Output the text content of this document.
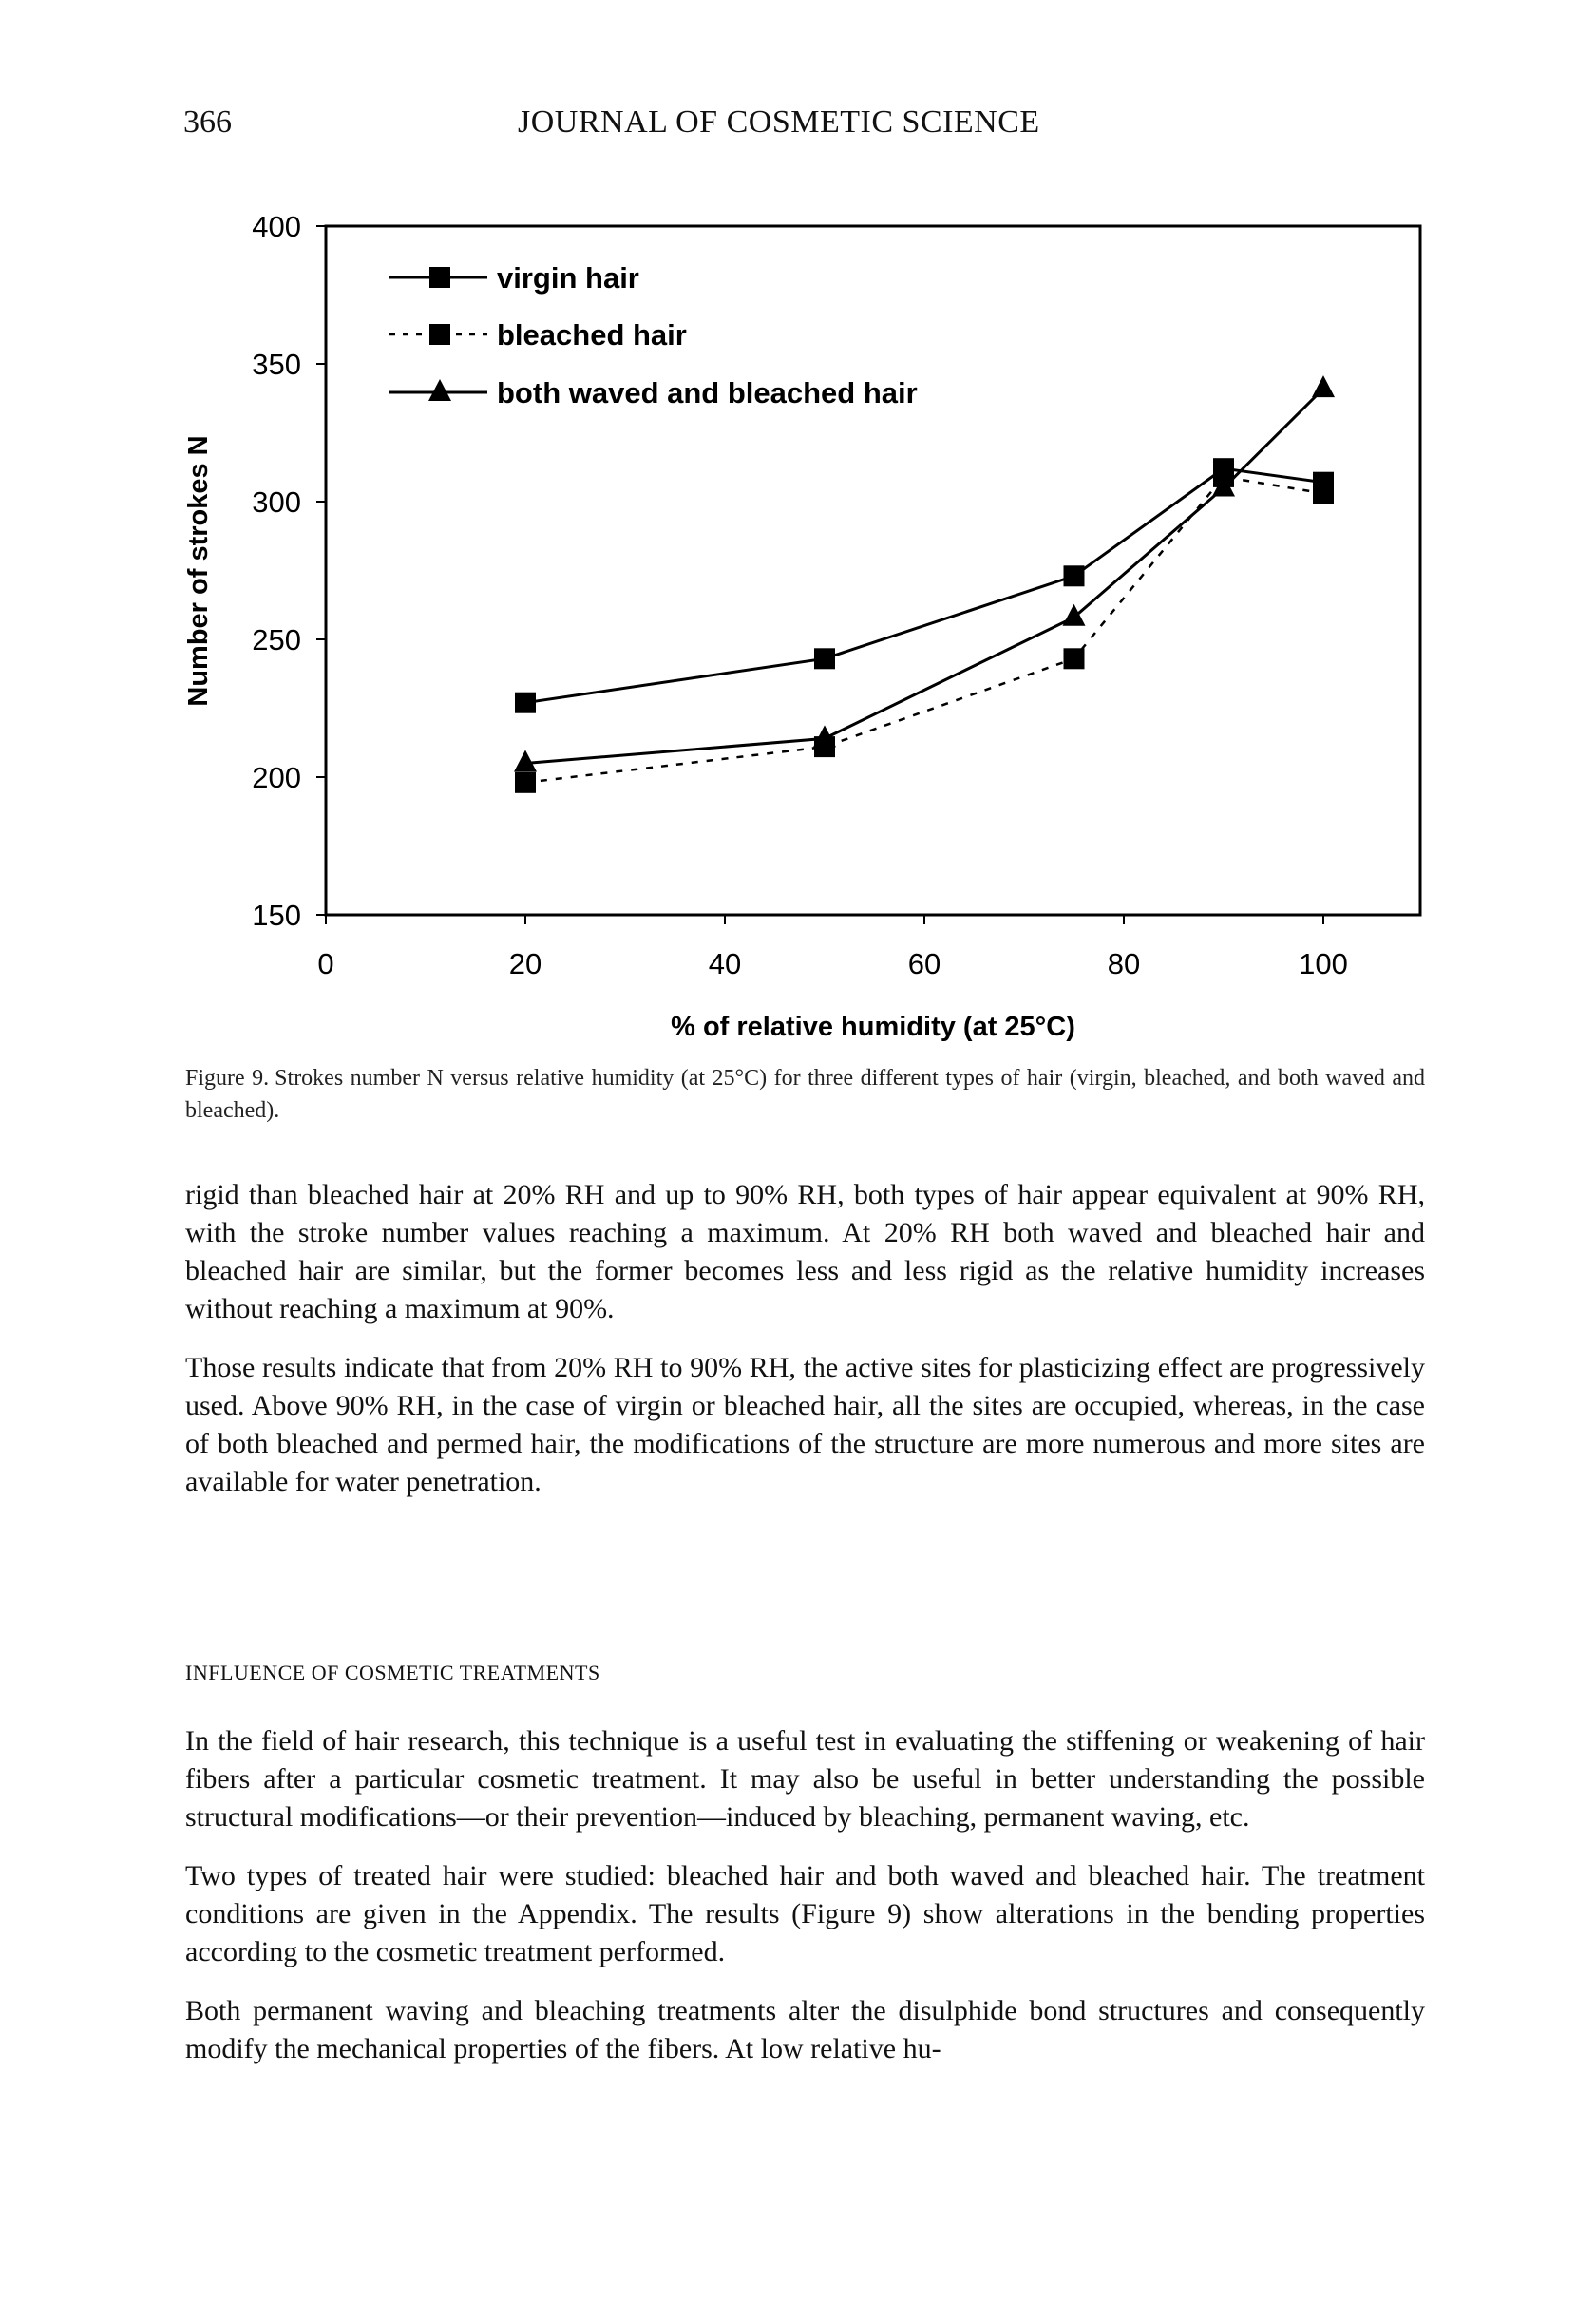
366	JOURNAL OF COSMETIC SCIENCE
150
200
250
300
350
400
0	20	40	60	80	100
Number of strokes N
% of relative humidity (at 25°C)
virgin hair
bleached hair
both waved and bleached hair
Figure 9. Strokes number N versus relative humidity (at 25°C) for three different types of hair (virgin, bleached, and both waved and bleached).

rigid than bleached hair at 20% RH and up to 90% RH, both types of hair appear equivalent at 90% RH, with the stroke number values reaching a maximum. At 20% RH both waved and bleached hair and bleached hair are similar, but the former becomes less and less rigid as the relative humidity increases without reaching a maximum at 90%.

Those results indicate that from 20% RH to 90% RH, the active sites for plasticizing effect are progressively used. Above 90% RH, in the case of virgin or bleached hair, all the sites are occupied, whereas, in the case of both bleached and permed hair, the modifications of the structure are more numerous and more sites are available for water penetration.

INFLUENCE OF COSMETIC TREATMENTS

In the field of hair research, this technique is a useful test in evaluating the stiffening or weakening of hair fibers after a particular cosmetic treatment. It may also be useful in better understanding the possible structural modifications—or their prevention—induced by bleaching, permanent waving, etc.

Two types of treated hair were studied: bleached hair and both waved and bleached hair. The treatment conditions are given in the Appendix. The results (Figure 9) show alterations in the bending properties according to the cosmetic treatment performed.

Both permanent waving and bleaching treatments alter the disulphide bond structures and consequently modify the mechanical properties of the fibers. At low relative hu-
